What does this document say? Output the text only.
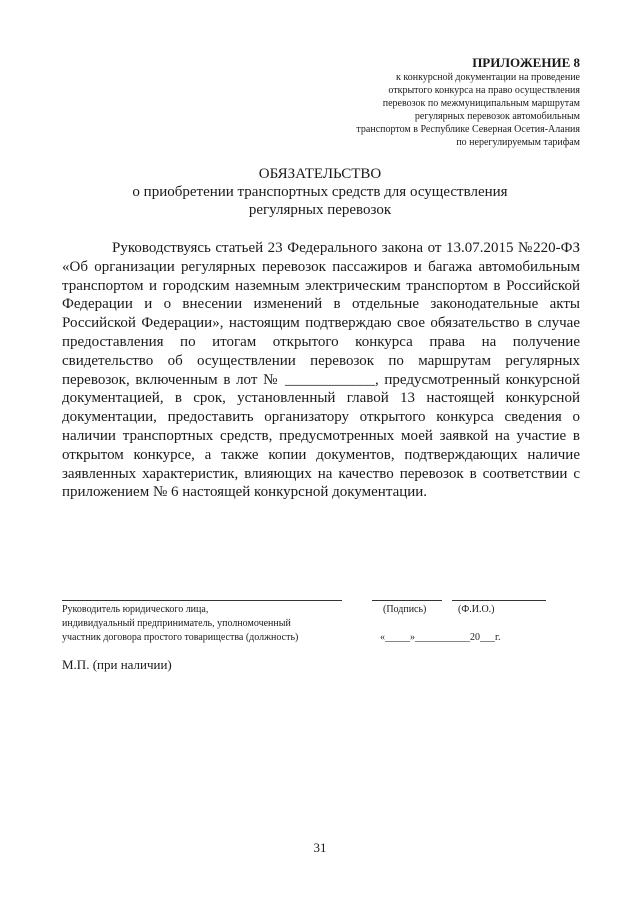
ПРИЛОЖЕНИЕ 8
к конкурсной документации на проведение
открытого конкурса на право осуществления
перевозок по межмуниципальным маршрутам
регулярных перевозок автомобильным
транспортом в Республике Северная Осетия-Алания
по нерегулируемым тарифам
ОБЯЗАТЕЛЬСТВО
о приобретении транспортных средств для осуществления
регулярных перевозок

Руководствуясь статьей 23 Федерального закона от 13.07.2015 №220-ФЗ «Об организации регулярных перевозок пассажиров и багажа автомобильным транспортом и городским наземным электрическим транспортом в Российской Федерации и о внесении изменений в отдельные законодательные акты Российской Федерации», настоящим подтверждаю свое обязательство в случае предоставления по итогам открытого конкурса права на получение свидетельство об осуществлении перевозок по маршрутам регулярных перевозок, включенным в лот № ____________, предусмотренный конкурсной документацией, в срок, установленный главой 13 настоящей конкурсной документации, предоставить организатору открытого конкурса сведения о наличии транспортных средств, предусмотренных моей заявкой на участие в открытом конкурсе, а также копии документов, подтверждающих наличие заявленных характеристик, влияющих на качество перевозок в соответствии с приложением № 6 настоящей конкурсной документации.

Руководитель юридического лица,
индивидуальный предприниматель, уполномоченный
участник договора простого товарищества (должность)
(Подпись)	(Ф.И.О.)
«_____»___________20___г.
М.П. (при наличии)
31
